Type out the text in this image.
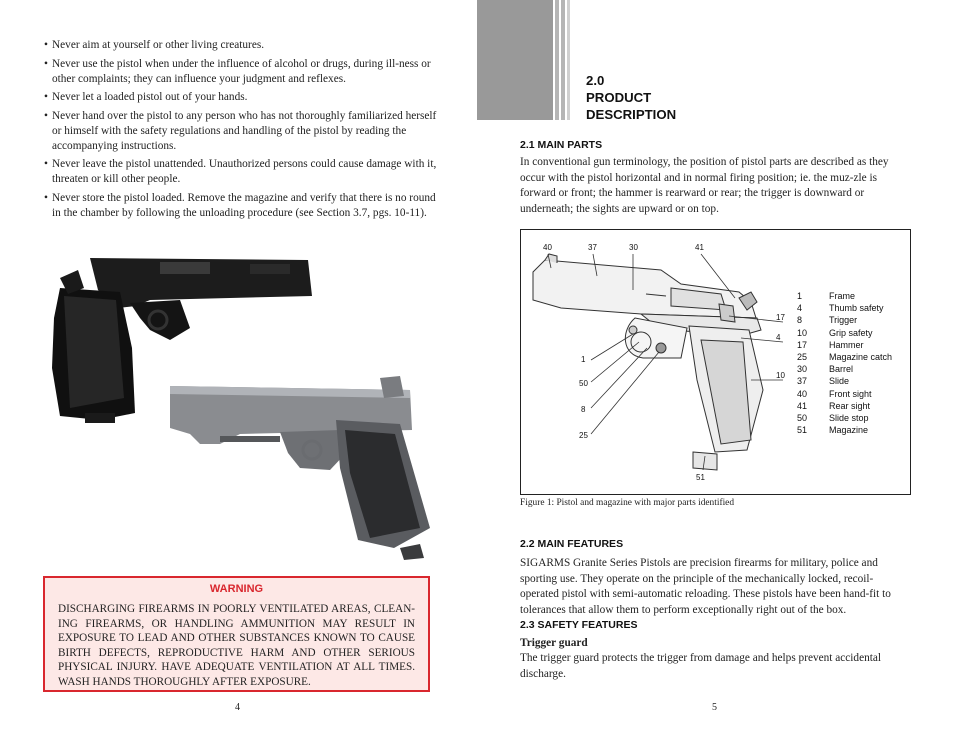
• Never aim at yourself or other living creatures.
• Never use the pistol when under the influence of alcohol or drugs, during ill-ness or other complaints; they can influence your judgment and reflexes.
• Never let a loaded pistol out of your hands.
• Never hand over the pistol to any person who has not thoroughly familiarized herself or himself with the safety regulations and handling of the pistol by reading the accompanying instructions.
• Never leave the pistol unattended. Unauthorized persons could cause damage with it, threaten or kill other people.
• Never store the pistol loaded. Remove the magazine and verify that there is no round in the chamber by following the unloading procedure (see Section 3.7, pgs. 10-11).
WARNING
DISCHARGING FIREARMS IN POORLY VENTILATED AREAS, CLEAN-ING FIREARMS, OR HANDLING AMMUNITION MAY RESULT IN EXPOSURE TO LEAD AND OTHER SUBSTANCES KNOWN TO CAUSE BIRTH DEFECTS, REPRODUCTIVE HARM AND OTHER SERIOUS PHYSICAL INJURY. HAVE ADEQUATE VENTILATION AT ALL TIMES. WASH HANDS THOROUGHLY AFTER EXPOSURE.
4
2.0
PRODUCT
DESCRIPTION
2.1 MAIN PARTS
In conventional gun terminology, the position of pistol parts are described as they occur with the pistol horizontal and in normal firing position; ie. the muz-zle is forward or front; the hammer is rearward or rear; the trigger is downward or underneath; the sights are upward or on top.
40	37	30	41
1
50
8
25
17
4
10
51
1	Frame
4	Thumb safety
8	Trigger
10 Grip safety
17 Hammer
25 Magazine catch
30 Barrel
37 Slide
40 Front sight
41 Rear sight
50 Slide stop
51 Magazine
Figure 1: Pistol and magazine with major parts identified
2.2 MAIN FEATURES
SIGARMS Granite Series Pistols are precision firearms for military, police and sporting use. They operate on the principle of the mechanically locked, recoil-operated pistol with semi-automatic reloading. These pistols have been hand-fit to tolerances that allow them to perform exceptionally right out of the box.
2.3 SAFETY FEATURES
Trigger guard
The trigger guard protects the trigger from damage and helps prevent accidental discharge.
5
